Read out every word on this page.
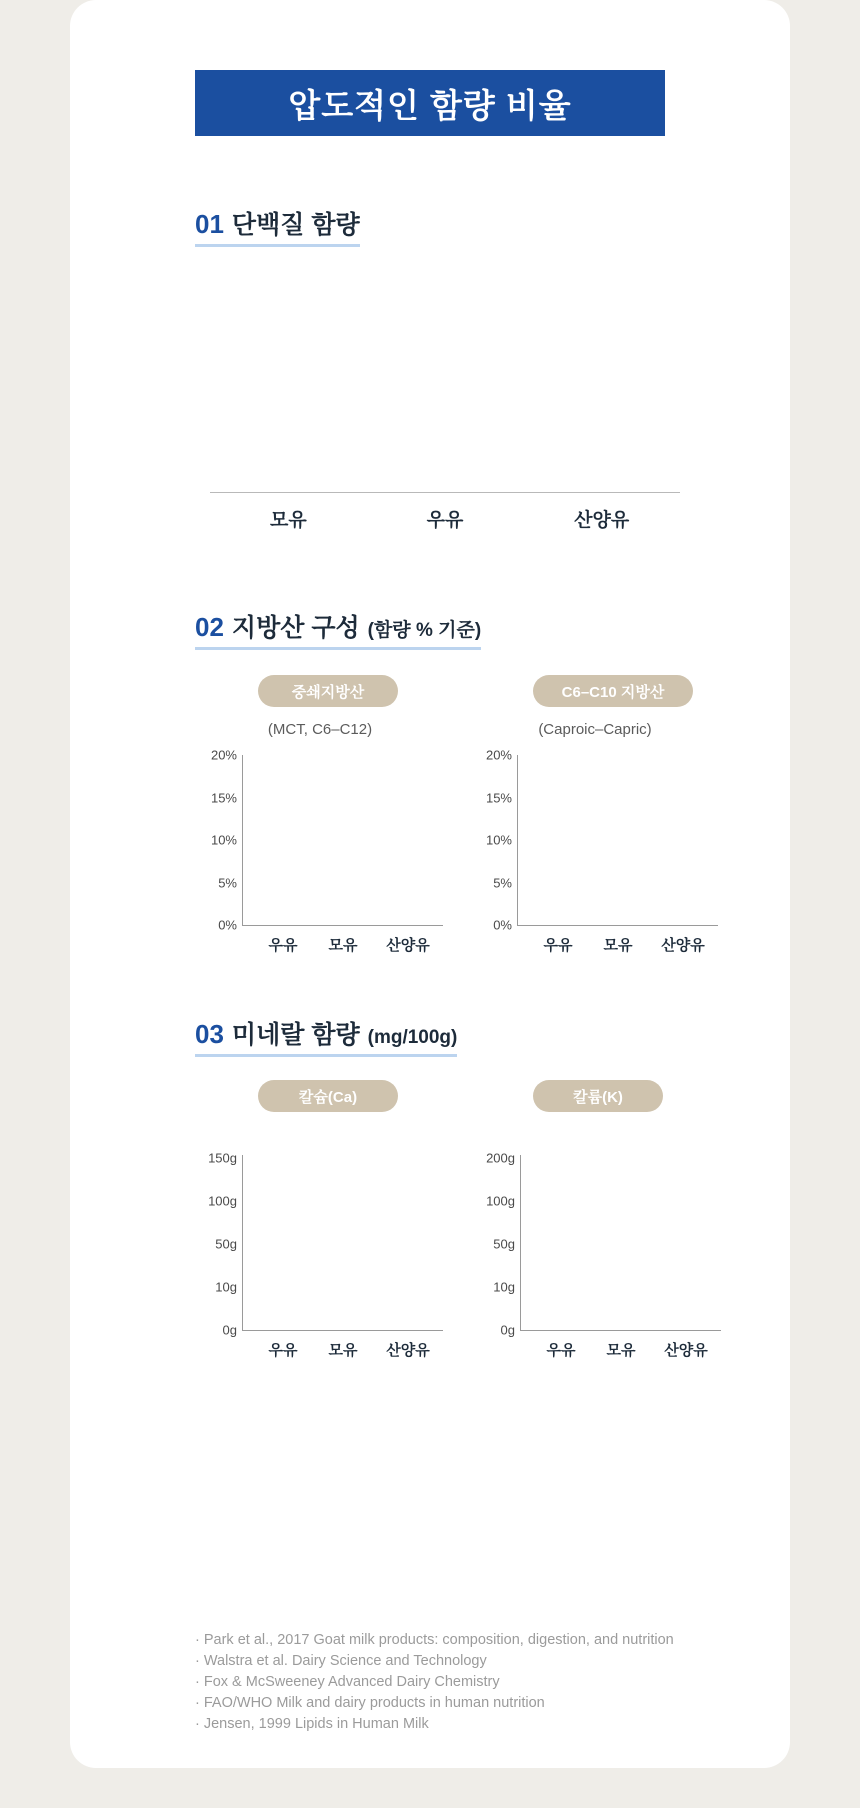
압도적인 함량 비율
01 단백질 함량
모유	우유	산양유
02 지방산 구성 (함량 % 기준)
중쇄지방산
(MCT, C6–C12)
0%
5%
10%
15%
20%
우유 모유 산양유
C6–C10 지방산
(Caproic–Capric)
0%
5%
10%
15%
20%
우유 모유 산양유
03 미네랄 함량 (mg/100g)
칼슘(Ca)
0g
10g
50g
100g
150g
우유 모유 산양유
칼륨(K)
0g
10g
50g
100g
200g
우유 모유 산양유
· Park et al., 2017 Goat milk products: composition, digestion, and nutrition
· Walstra et al. Dairy Science and Technology
· Fox & McSweeney Advanced Dairy Chemistry
· FAO/WHO Milk and dairy products in human nutrition
· Jensen, 1999 Lipids in Human Milk
